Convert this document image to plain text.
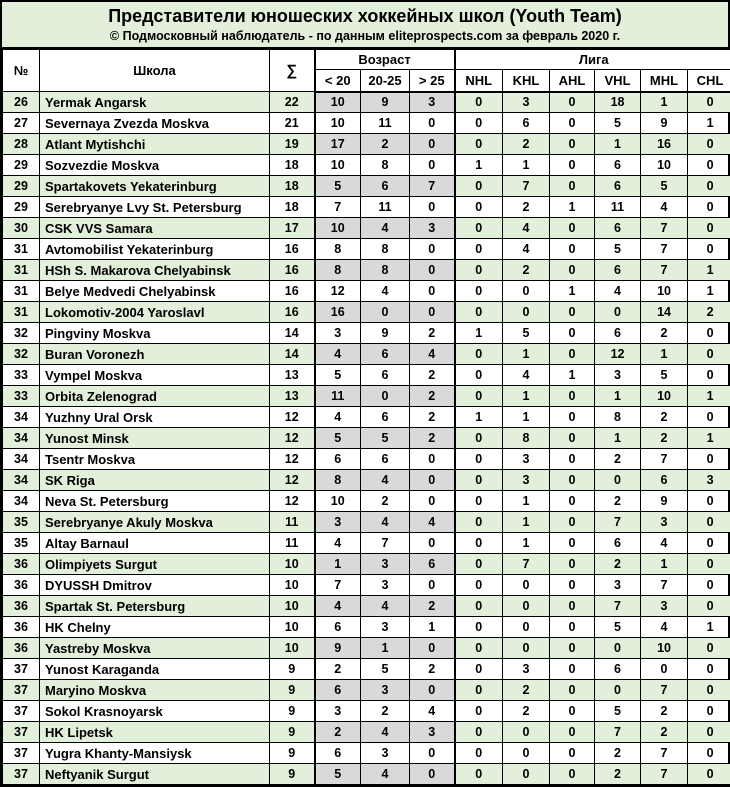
Представители юношеских хоккейных школ (Youth Team)
© Подмосковный наблюдатель - по данным eliteprospects.com за февраль 2020 г.
№	Школа	∑	Возраст			Лига					
			< 20	20-25	> 25	NHL	KHL	AHL	VHL	MHL	CHL
26	Yermak Angarsk	22	10	9	3	0	3	0	18	1	0
27	Severnaya Zvezda Moskva	21	10	11	0	0	6	0	5	9	1
28	Atlant Mytishchi	19	17	2	0	0	2	0	1	16	0
29	Sozvezdie Moskva	18	10	8	0	1	1	0	6	10	0
29	Spartakovets Yekaterinburg	18	5	6	7	0	7	0	6	5	0
29	Serebryanye Lvy St. Petersburg	18	7	11	0	0	2	1	11	4	0
30	CSK VVS Samara	17	10	4	3	0	4	0	6	7	0
31	Avtomobilist Yekaterinburg	16	8	8	0	0	4	0	5	7	0
31	HSh S. Makarova Chelyabinsk	16	8	8	0	0	2	0	6	7	1
31	Belye Medvedi Chelyabinsk	16	12	4	0	0	0	1	4	10	1
31	Lokomotiv-2004 Yaroslavl	16	16	0	0	0	0	0	0	14	2
32	Pingviny Moskva	14	3	9	2	1	5	0	6	2	0
32	Buran Voronezh	14	4	6	4	0	1	0	12	1	0
33	Vympel Moskva	13	5	6	2	0	4	1	3	5	0
33	Orbita Zelenograd	13	11	0	2	0	1	0	1	10	1
34	Yuzhny Ural Orsk	12	4	6	2	1	1	0	8	2	0
34	Yunost Minsk	12	5	5	2	0	8	0	1	2	1
34	Tsentr Moskva	12	6	6	0	0	3	0	2	7	0
34	SK Riga	12	8	4	0	0	3	0	0	6	3
34	Neva St. Petersburg	12	10	2	0	0	1	0	2	9	0
35	Serebryanye Akuly Moskva	11	3	4	4	0	1	0	7	3	0
35	Altay Barnaul	11	4	7	0	0	1	0	6	4	0
36	Olimpiyets Surgut	10	1	3	6	0	7	0	2	1	0
36	DYUSSH Dmitrov	10	7	3	0	0	0	0	3	7	0
36	Spartak St. Petersburg	10	4	4	2	0	0	0	7	3	0
36	HK Chelny	10	6	3	1	0	0	0	5	4	1
36	Yastreby Moskva	10	9	1	0	0	0	0	0	10	0
37	Yunost Karaganda	9	2	5	2	0	3	0	6	0	0
37	Maryino Moskva	9	6	3	0	0	2	0	0	7	0
37	Sokol Krasnoyarsk	9	3	2	4	0	2	0	5	2	0
37	HK Lipetsk	9	2	4	3	0	0	0	7	2	0
37	Yugra Khanty-Mansiysk	9	6	3	0	0	0	0	2	7	0
37	Neftyanik Surgut	9	5	4	0	0	0	0	2	7	0
